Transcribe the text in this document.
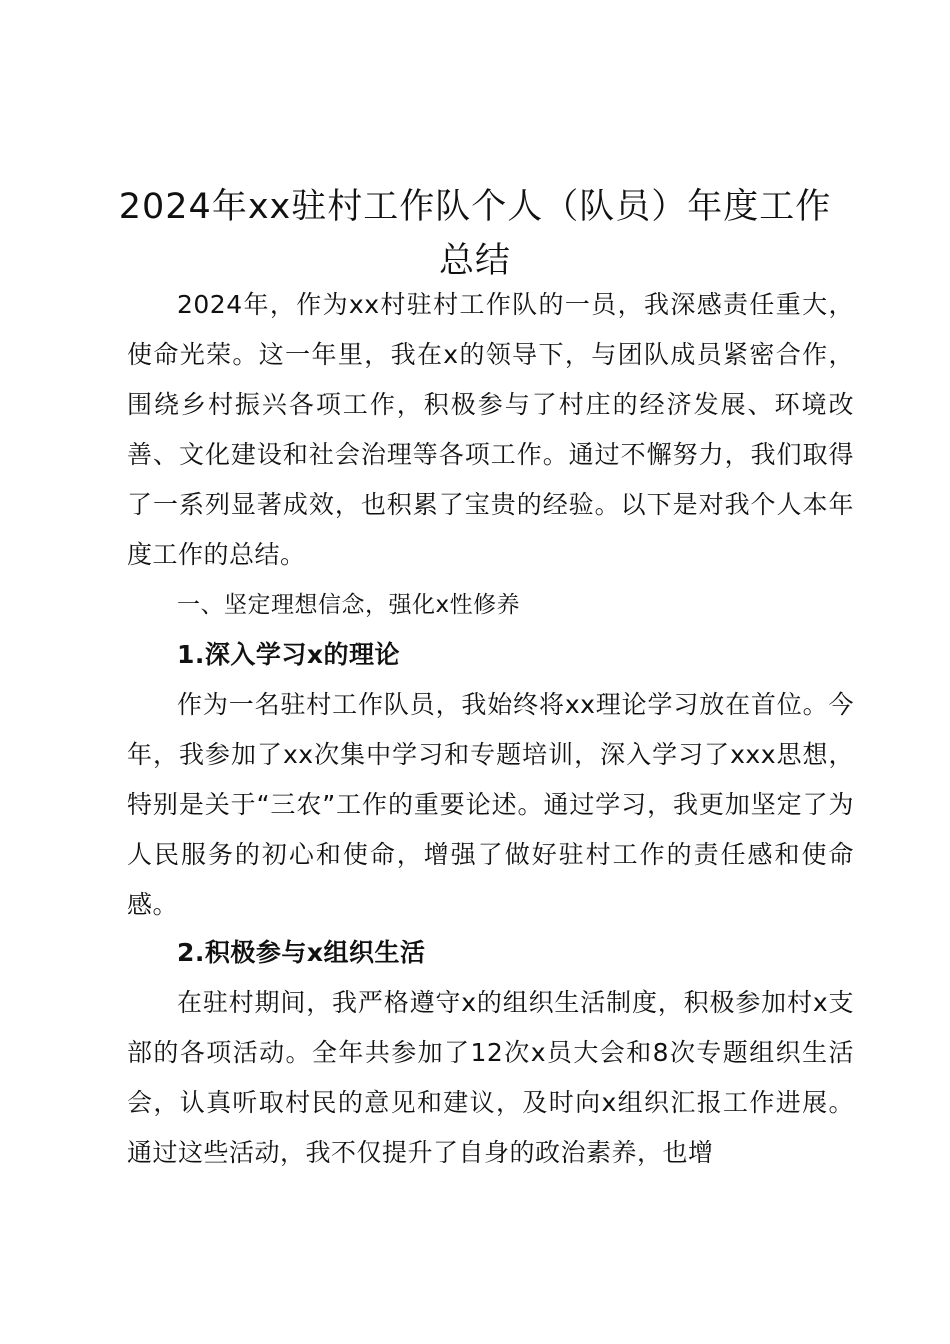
2024年xx驻村工作队个人（队员）年度工作总结

2024年，作为xx村驻村工作队的一员，我深感责任重大，使命光荣。这一年里，我在x的领导下，与团队成员紧密合作，围绕乡村振兴各项工作，积极参与了村庄的经济发展、环境改善、文化建设和社会治理等各项工作。通过不懈努力，我们取得了一系列显著成效，也积累了宝贵的经验。以下是对我个人本年度工作的总结。

一、坚定理想信念，强化x性修养

1.深入学习x的理论

作为一名驻村工作队员，我始终将xx理论学习放在首位。今年，我参加了xx次集中学习和专题培训，深入学习了xxx思想，特别是关于“三农”工作的重要论述。通过学习，我更加坚定了为人民服务的初心和使命，增强了做好驻村工作的责任感和使命感。

2.积极参与x组织生活

在驻村期间，我严格遵守x的组织生活制度，积极参加村x支部的各项活动。全年共参加了12次x员大会和8次专题组织生活会，认真听取村民的意见和建议，及时向x组织汇报工作进展。通过这些活动，我不仅提升了自身的政治素养，也增
